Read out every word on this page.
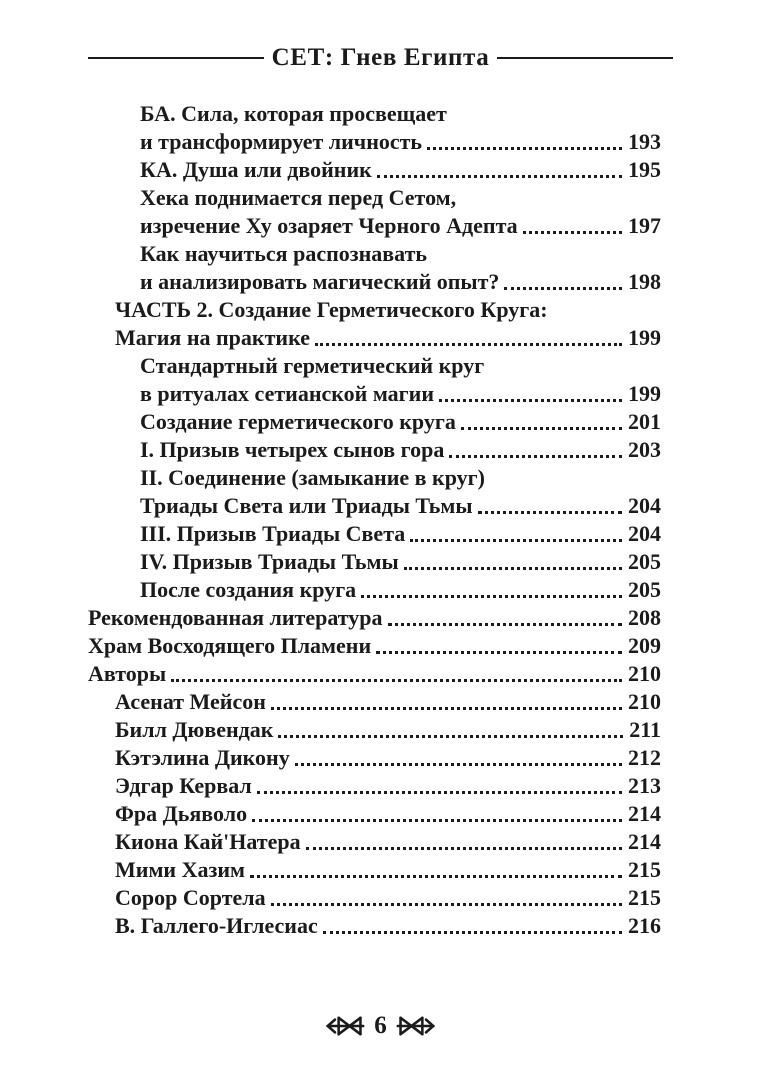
СЕТ: Гнев Египта
БА. Сила, которая просвещает
и трансформирует личность	193
КА. Душа или двойник	195
Хека поднимается перед Сетом,
изречение Ху озаряет Черного Адепта	197
Как научиться распознавать
и анализировать магический опыт?	198
ЧАСТЬ 2. Создание Герметического Круга:
Магия на практике	199
Стандартный герметический круг
в ритуалах сетианской магии	199
Создание герметического круга	201
I. Призыв четырех сынов гора	203
II. Соединение (замыкание в круг)
Триады Света или Триады Тьмы	204
III. Призыв Триады Света	204
IV. Призыв Триады Тьмы	205
После создания круга	205
Рекомендованная литература	208
Храм Восходящего Пламени	209
Авторы	210
Асенат Мейсон	210
Билл Дювендак	211
Кэтэлина Дикону	212
Эдгар Кервал	213
Фра Дьяволо	214
Киона Кай'Натера	214
Мими Хазим	215
Сорор Сортела	215
В. Галлего-Иглесиас	216
6
